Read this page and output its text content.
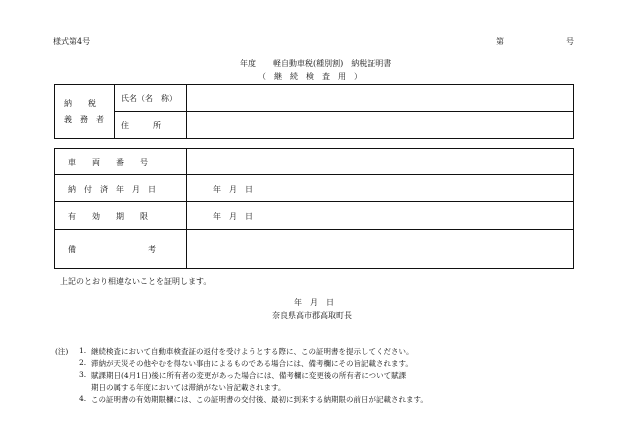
様式第4号	第	号
年度 軽自動車税(種別割)　納税証明書
（　継　続　検　査　用　）
納　　税
義　務　者
氏名（名　称）
住　　　所
車　　両　　番　　号
納　付　済　年　月　日	年　月　日
有　　効　　期　　限	年　月　日
備　　　　　　　　　考
上記のとおり相違ないことを証明します。
年　月　日
奈良県高市郡高取町長
(注) 1. 継続検査において自動車検査証の返付を受けようとする際に、この証明書を提示してください。
2. 滞納が天災その他やむを得ない事由によるものである場合には、備考欄にその旨記載されます。
3. 賦課期日(4月1日)後に所有者の変更があった場合には、備考欄に変更後の所有者について賦課
期日の属する年度においては滞納がない旨記載されます。
4. この証明書の有効期限欄には、この証明書の交付後、最初に到来する納期限の前日が記載されます。
